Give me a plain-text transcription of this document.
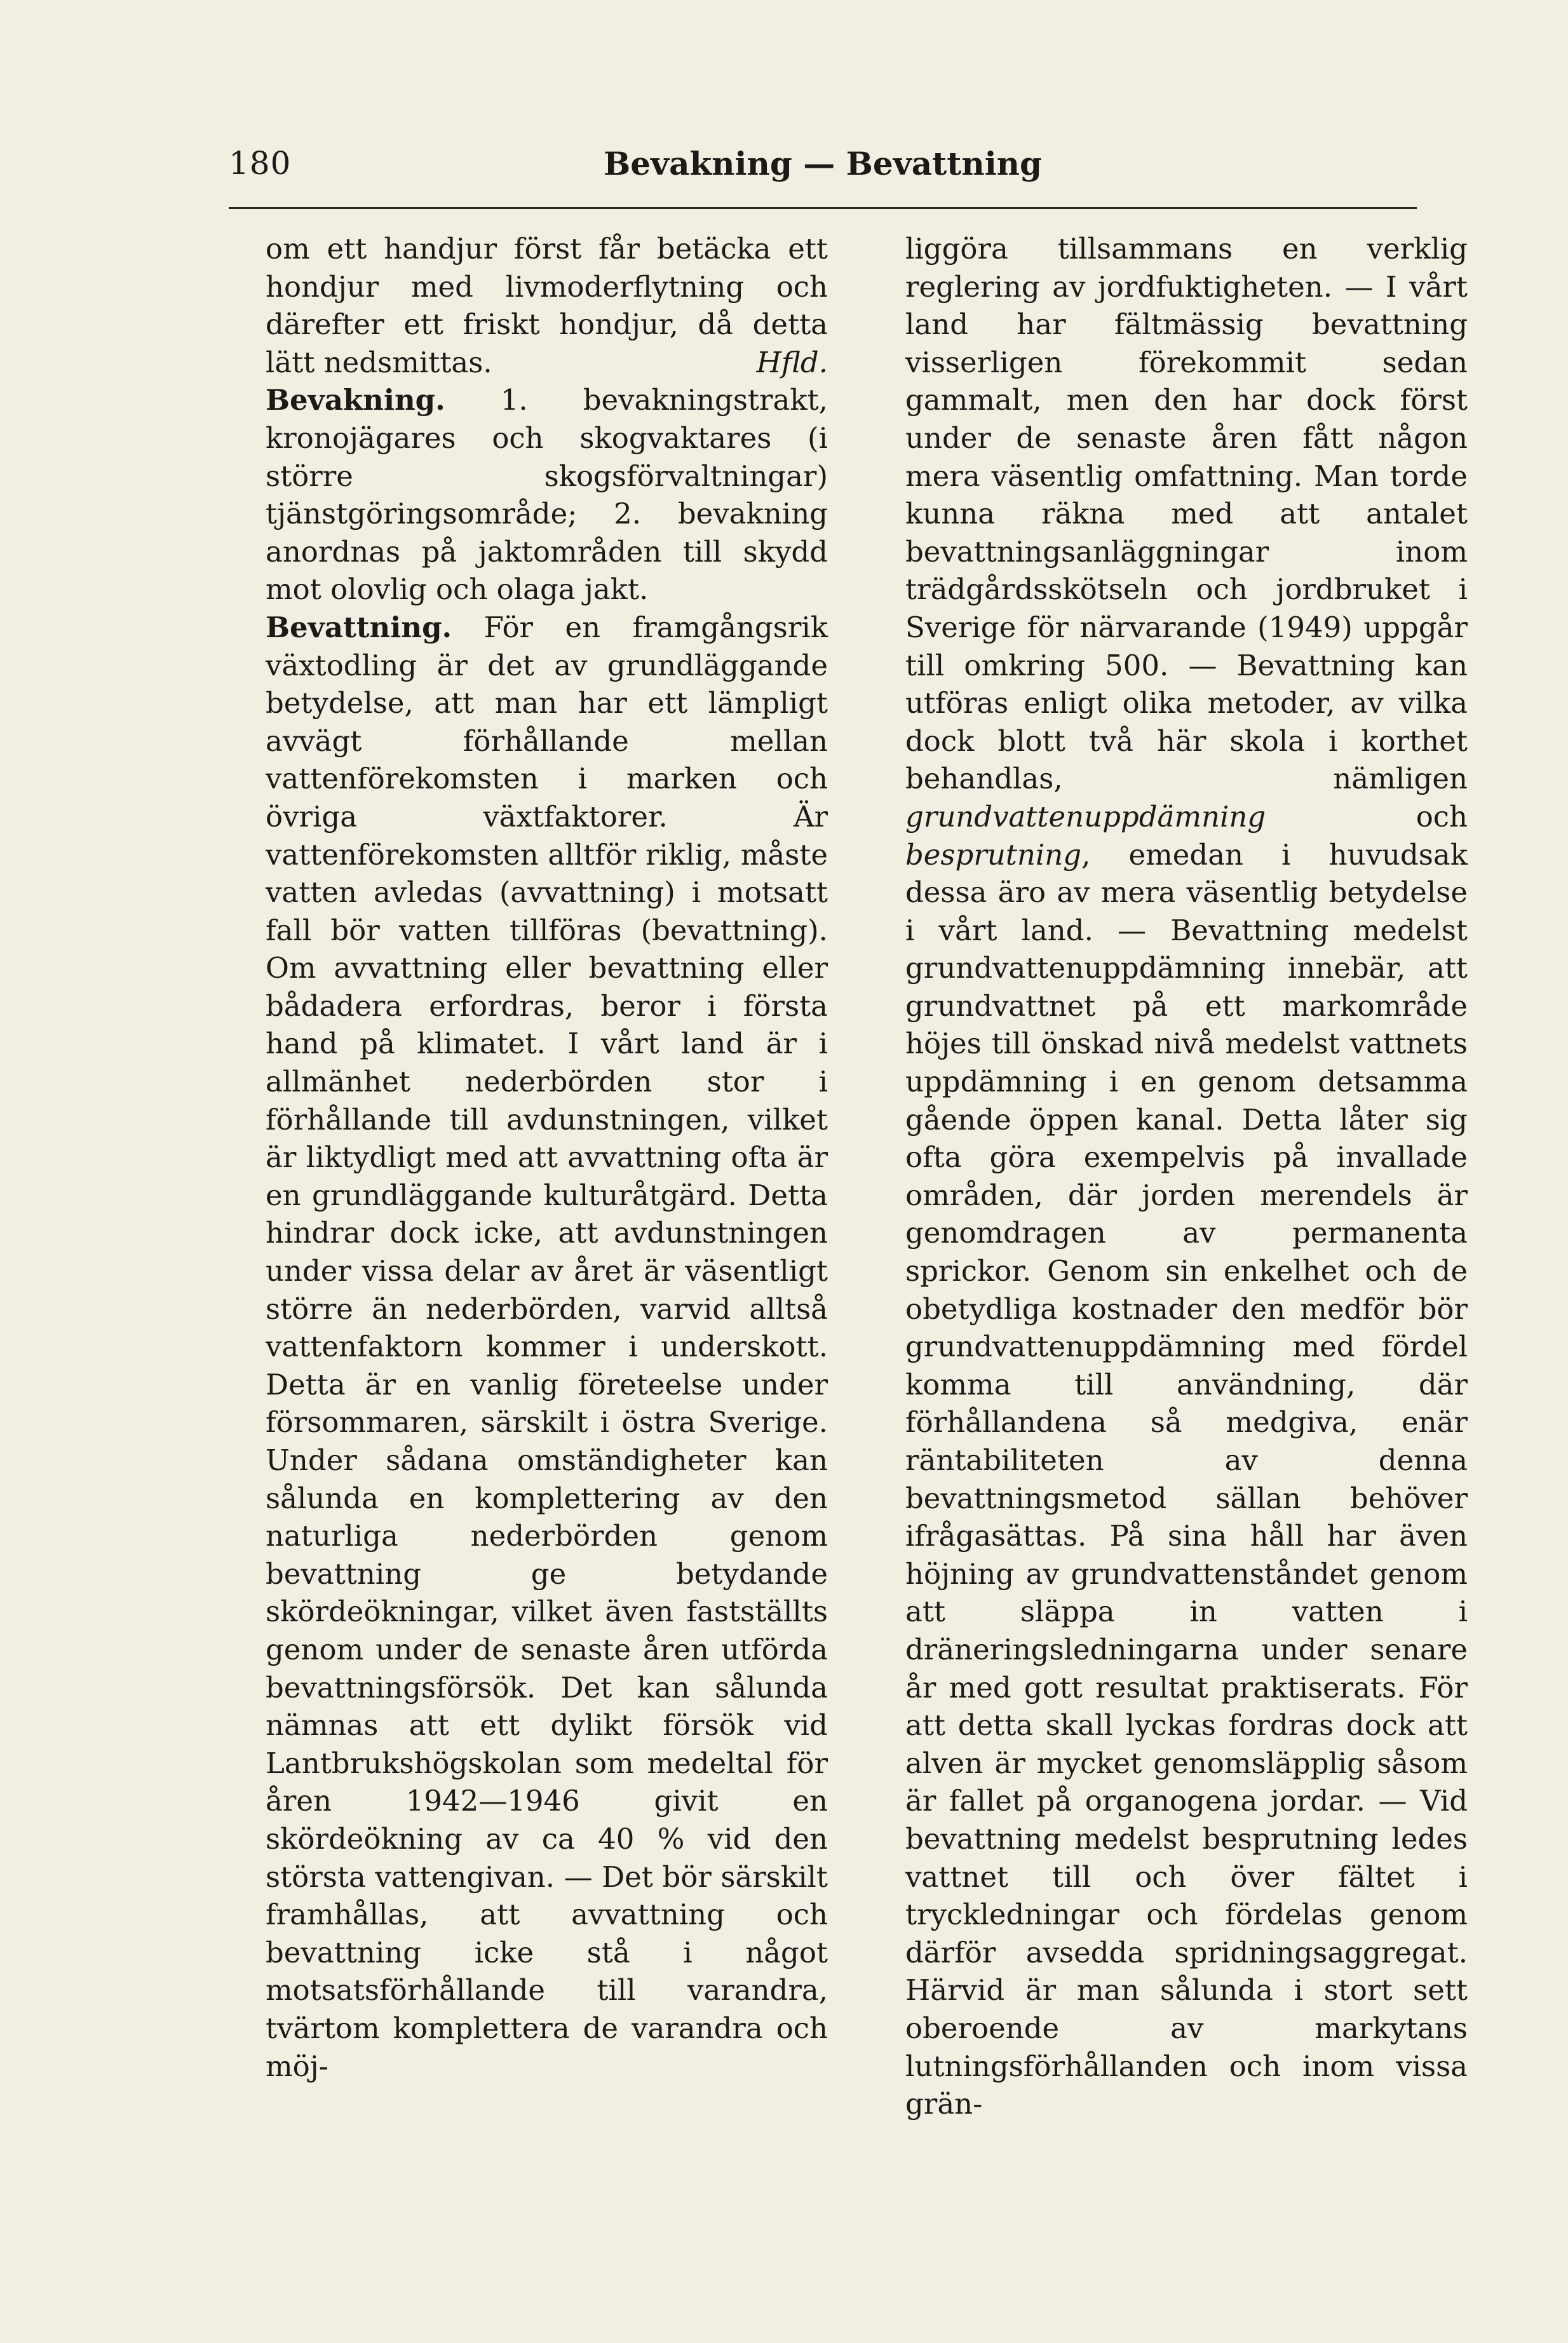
180	Bevakning — Bevattning

om ett handjur först får betäcka ett hondjur med livmoderflytning och därefter ett friskt hondjur, då detta lätt nedsmittas.	Hfld.

Bevakning. 1. bevakningstrakt, kronojägares och skogvaktares (i större skogsförvaltningar) tjänstgöringsområde; 2. bevakning anordnas på jaktområden till skydd mot olovlig och olaga jakt.

Bevattning. För en framgångsrik växtodling är det av grundläggande betydelse, att man har ett lämpligt avvägt förhållande mellan vattenförekomsten i marken och övriga växtfaktorer. Är vattenförekomsten alltför riklig, måste vatten avledas (avvattning) i motsatt fall bör vatten tillföras (bevattning). Om avvattning eller bevattning eller bådadera erfordras, beror i första hand på klimatet. I vårt land är i allmänhet nederbörden stor i förhållande till avdunstningen, vilket är liktydligt med att avvattning ofta är en grundläggande kulturåtgärd. Detta hindrar dock icke, att avdunstningen under vissa delar av året är väsentligt större än nederbörden, varvid alltså vattenfaktorn kommer i underskott. Detta är en vanlig företeelse under försommaren, särskilt i östra Sverige. Under sådana omständigheter kan sålunda en komplettering av den naturliga nederbörden genom bevattning ge betydande skördeökningar, vilket även fastställts genom under de senaste åren utförda bevattningsförsök. Det kan sålunda nämnas att ett dylikt försök vid Lantbrukshögskolan som medeltal för åren 1942—1946 givit en skördeökning av ca 40 % vid den största vattengivan. — Det bör särskilt framhållas, att avvattning och bevattning icke stå i något motsatsförhållande till varandra, tvärtom komplettera de varandra och möj-

liggöra tillsammans en verklig reglering av jordfuktigheten. — I vårt land har fältmässig bevattning visserligen förekommit sedan gammalt, men den har dock först under de senaste åren fått någon mera väsentlig omfattning. Man torde kunna räkna med att antalet bevattningsanläggningar inom trädgårdsskötseln och jordbruket i Sverige för närvarande (1949) uppgår till omkring 500. — Bevattning kan utföras enligt olika metoder, av vilka dock blott två här skola i korthet behandlas, nämligen grundvattenuppdämning och besprutning, emedan i huvudsak dessa äro av mera väsentlig betydelse i vårt land. — Bevattning medelst grundvattenuppdämning innebär, att grundvattnet på ett markområde höjes till önskad nivå medelst vattnets uppdämning i en genom detsamma gående öppen kanal. Detta låter sig ofta göra exempelvis på invallade områden, där jorden merendels är genomdragen av permanenta sprickor. Genom sin enkelhet och de obetydliga kostnader den medför bör grundvattenuppdämning med fördel komma till användning, där förhållandena så medgiva, enär räntabiliteten av denna bevattningsmetod sällan behöver ifrågasättas. På sina håll har även höjning av grundvattenståndet genom att släppa in vatten i dräneringsledningarna under senare år med gott resultat praktiserats. För att detta skall lyckas fordras dock att alven är mycket genomsläpplig såsom är fallet på organogena jordar. — Vid bevattning medelst besprutning ledes vattnet till och över fältet i tryckledningar och fördelas genom därför avsedda spridningsaggregat. Härvid är man sålunda i stort sett oberoende av markytans lutningsförhållanden och inom vissa grän-
